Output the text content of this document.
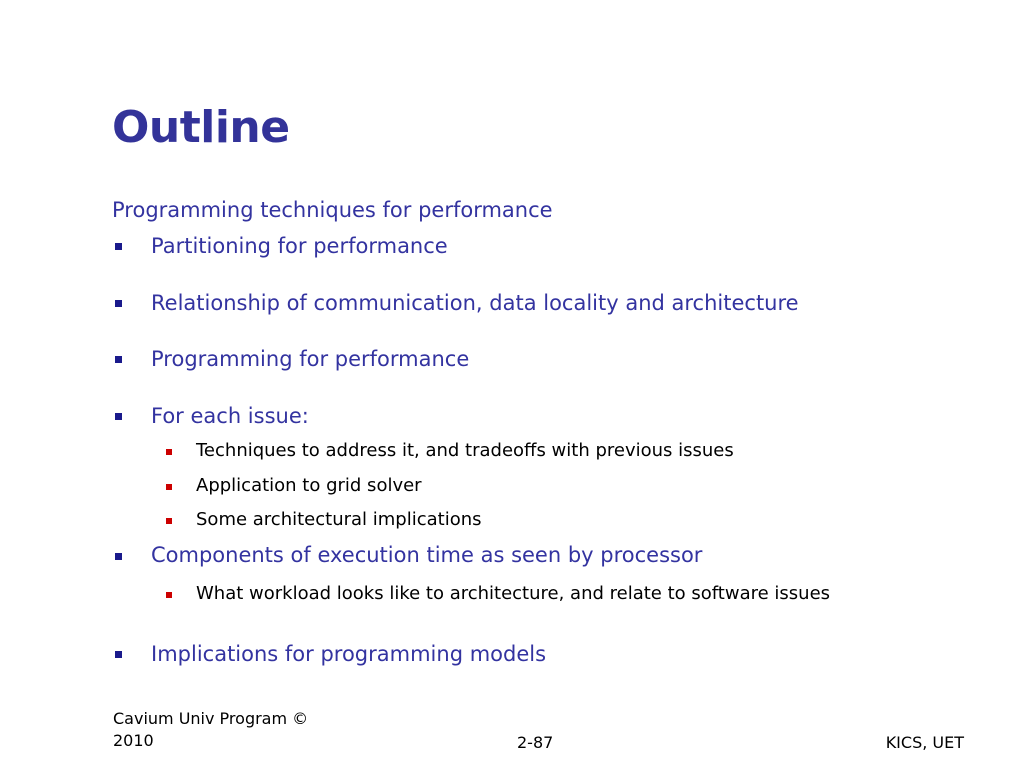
Outline
Programming techniques for performance
Partitioning for performance
Relationship of communication, data locality and architecture
Programming for performance
For each issue:
Techniques to address it, and tradeoffs with previous issues
Application to grid solver
Some architectural implications
Components of execution time as seen by processor
What workload looks like to architecture, and relate to software issues
Implications for programming models
Cavium Univ Program ©
2010	2-87	KICS, UET
